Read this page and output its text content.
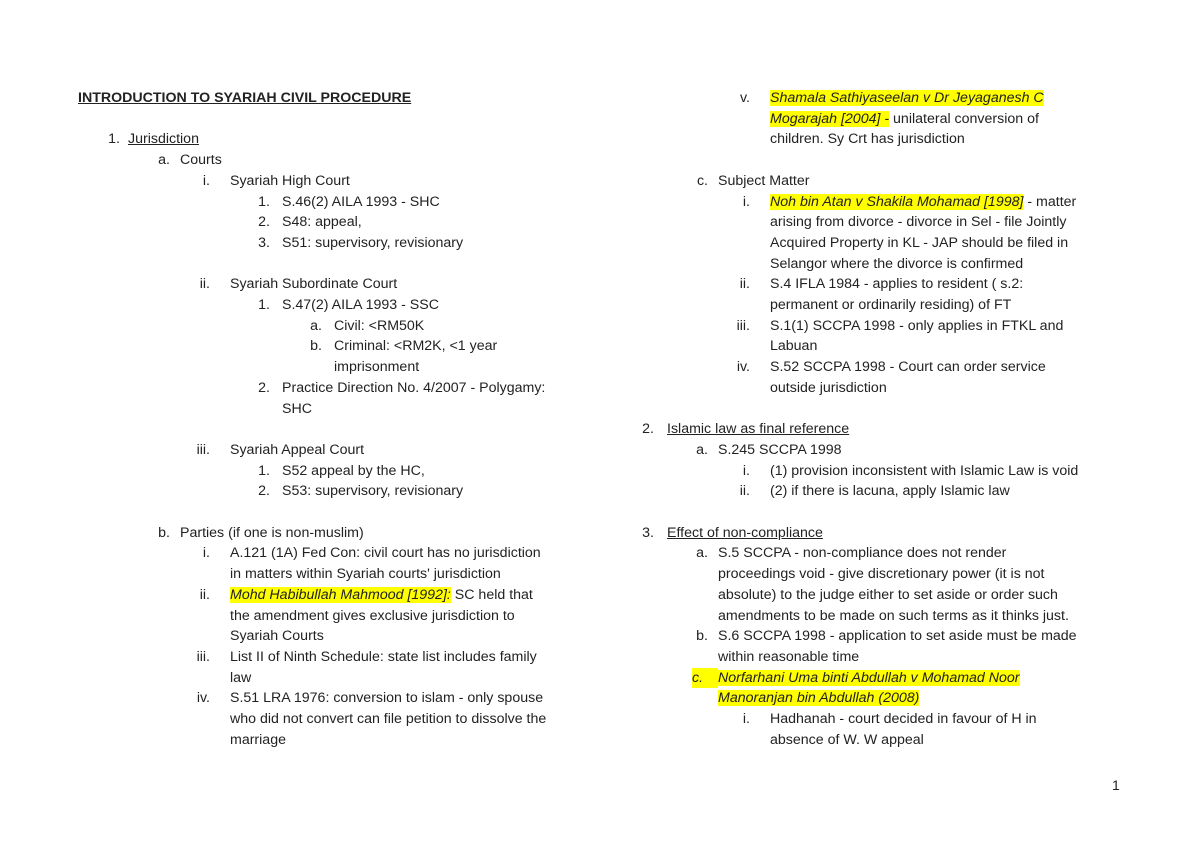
INTRODUCTION TO SYARIAH CIVIL PROCEDURE
1. Jurisdiction
a. Courts
i. Syariah High Court
1. S.46(2) AILA 1993 - SHC
2. S48: appeal,
3. S51: supervisory, revisionary
ii. Syariah Subordinate Court
1. S.47(2) AILA 1993 - SSC
a. Civil: <RM50K
b. Criminal: <RM2K, <1 year
imprisonment
2. Practice Direction No. 4/2007 - Polygamy:
SHC
iii. Syariah Appeal Court
1. S52 appeal by the HC,
2. S53: supervisory, revisionary
b. Parties (if one is non-muslim)
i. A.121 (1A) Fed Con: civil court has no jurisdiction
in matters within Syariah courts' jurisdiction
ii. Mohd Habibullah Mahmood [1992]: SC held that
the amendment gives exclusive jurisdiction to
Syariah Courts
iii. List II of Ninth Schedule: state list includes family
law
iv. S.51 LRA 1976: conversion to islam - only spouse
who did not convert can file petition to dissolve the
marriage
v. Shamala Sathiyaseelan v Dr Jeyaganesh C
Mogarajah [2004] - unilateral conversion of
children. Sy Crt has jurisdiction
c. Subject Matter
i. Noh bin Atan v Shakila Mohamad [1998] - matter
arising from divorce - divorce in Sel - file Jointly
Acquired Property in KL - JAP should be filed in
Selangor where the divorce is confirmed
ii. S.4 IFLA 1984 - applies to resident ( s.2:
permanent or ordinarily residing) of FT
iii. S.1(1) SCCPA 1998 - only applies in FTKL and
Labuan
iv. S.52 SCCPA 1998 - Court can order service
outside jurisdiction
2. Islamic law as final reference
a. S.245 SCCPA 1998
i. (1) provision inconsistent with Islamic Law is void
ii. (2) if there is lacuna, apply Islamic law
3. Effect of non-compliance
a. S.5 SCCPA - non-compliance does not render
proceedings void - give discretionary power (it is not
absolute) to the judge either to set aside or order such
amendments to be made on such terms as it thinks just.
b. S.6 SCCPA 1998 - application to set aside must be made
within reasonable time
c.	Norfarhani Uma binti Abdullah v Mohamad Noor
Manoranjan bin Abdullah (2008)
i. Hadhanah - court decided in favour of H in
absence of W. W appeal
1
